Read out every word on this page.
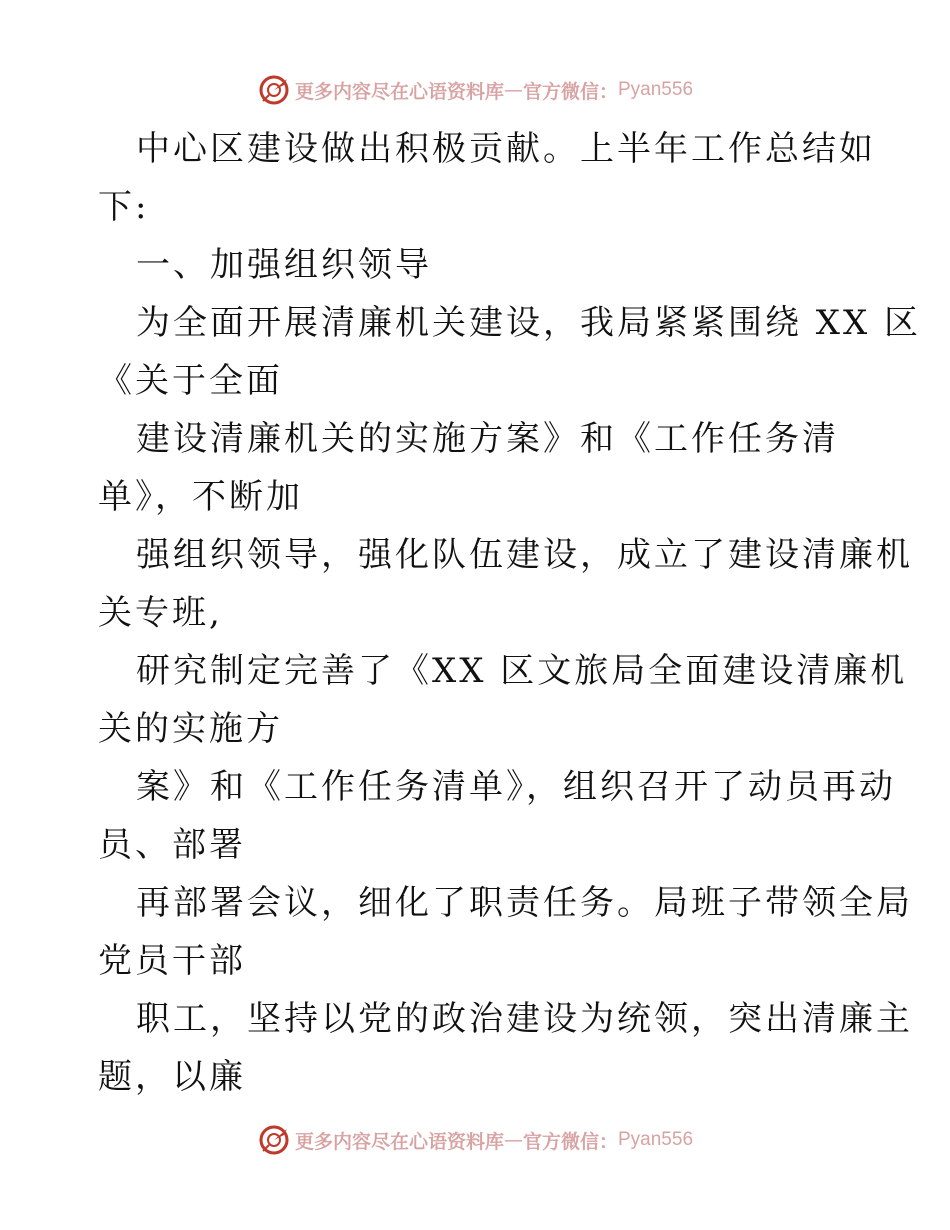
更多内容尽在心语资料库 — 官方微信： Pyan556
中心区建设做出积极贡献。上半年工作总结如
下:
一、加强组织领导
为全面开展清廉机关建设，我局紧紧围绕 XX 区
《关于全面
建设清廉机关的实施方案》和《工作任务清
单》，不断加
强组织领导，强化队伍建设，成立了建设清廉机
关专班,
研究制定完善了《XX 区文旅局全面建设清廉机
关的实施方
案》和《工作任务清单》，组织召开了动员再动
员、部署
再部署会议，细化了职责任务。局班子带领全局
党员干部
职工，坚持以党的政治建设为统领，突出清廉主
题，以廉
更多内容尽在心语资料库 — 官方微信： Pyan556
